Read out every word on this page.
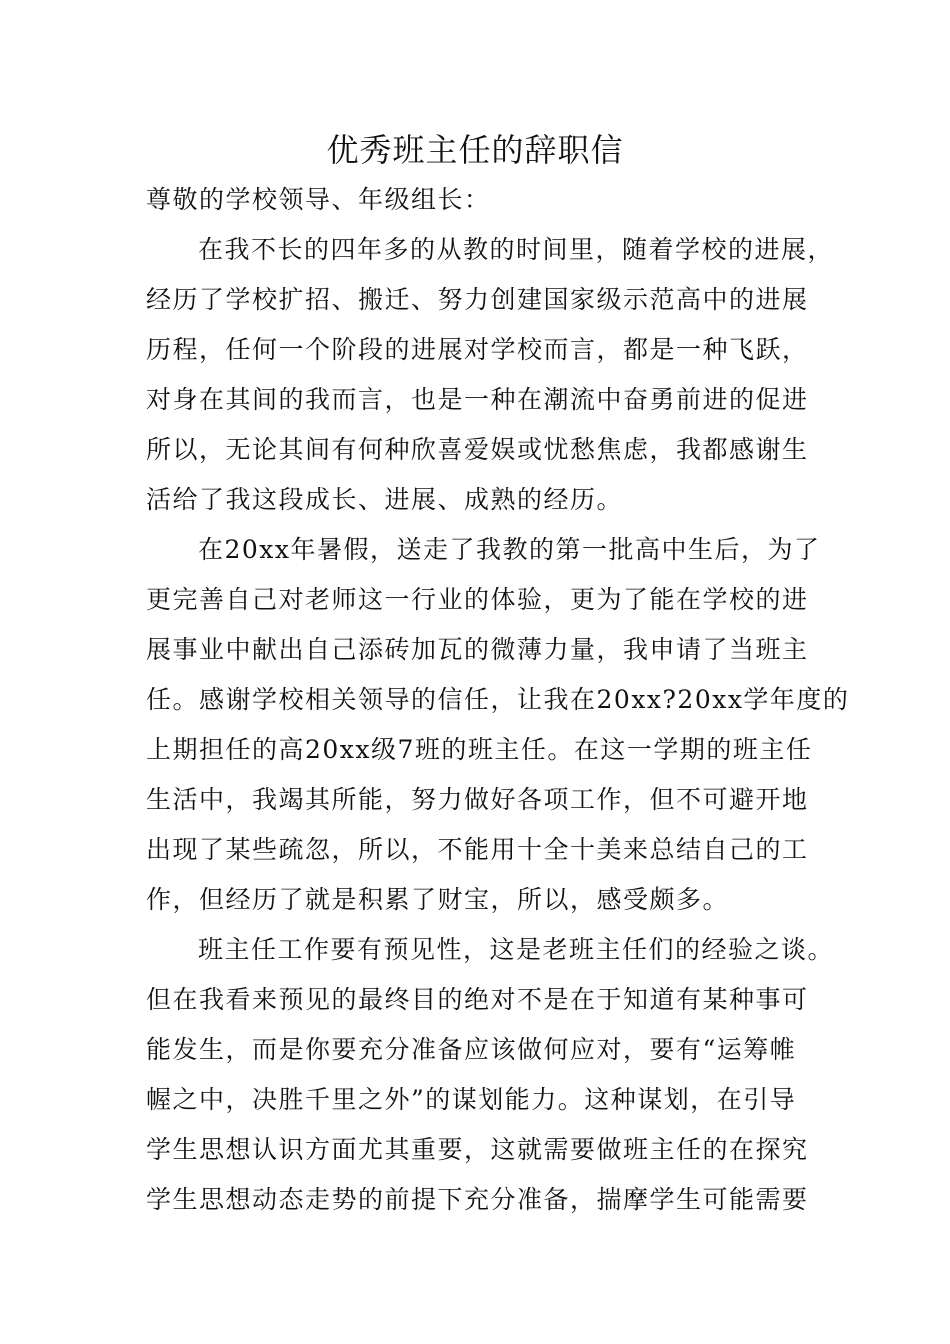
优秀班主任的辞职信
尊敬的学校领导、年级组长：
在我不长的四年多的从教的时间里，随着学校的进展，
经历了学校扩招、搬迁、努力创建国家级示范高中的进展
历程，任何一个阶段的进展对学校而言，都是一种飞跃，
对身在其间的我而言，也是一种在潮流中奋勇前进的促进
所以，无论其间有何种欣喜爱娱或忧愁焦虑，我都感谢生
活给了我这段成长、进展、成熟的经历。
在20xx年暑假，送走了我教的第一批高中生后，为了
更完善自己对老师这一行业的体验，更为了能在学校的进
展事业中献出自己添砖加瓦的微薄力量，我申请了当班主
任。感谢学校相关领导的信任，让我在20xx?20xx学年度的
上期担任的高20xx级7班的班主任。在这一学期的班主任
生活中，我竭其所能，努力做好各项工作，但不可避开地
出现了某些疏忽，所以，不能用十全十美来总结自己的工
作，但经历了就是积累了财宝，所以，感受颇多。
班主任工作要有预见性，这是老班主任们的经验之谈。
但在我看来预见的最终目的绝对不是在于知道有某种事可
能发生，而是你要充分准备应该做何应对，要有“运筹帷
幄之中，决胜千里之外”的谋划能力。这种谋划，在引导
学生思想认识方面尤其重要，这就需要做班主任的在探究
学生思想动态走势的前提下充分准备，揣摩学生可能需要
